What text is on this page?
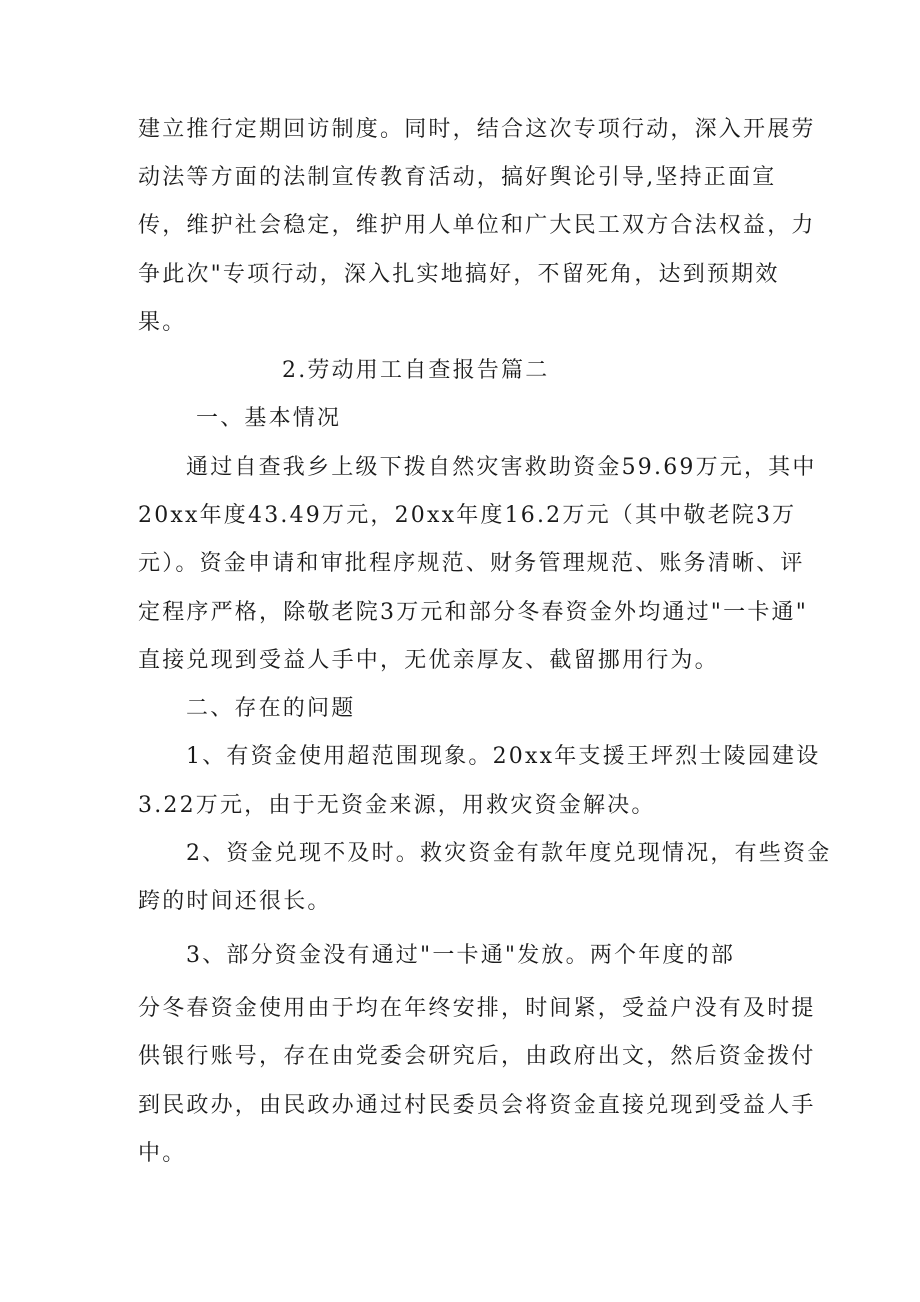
建立推行定期回访制度。同时，结合这次专项行动，深入开展劳
动法等方面的法制宣传教育活动，搞好舆论引导,坚持正面宣
传，维护社会稳定，维护用人单位和广大民工双方合法权益，力
争此次"专项行动，深入扎实地搞好，不留死角，达到预期效
果。
2.劳动用工自查报告篇二
一、基本情况
通过自查我乡上级下拨自然灾害救助资金59.69万元，其中
20xx年度43.49万元，20xx年度16.2万元（其中敬老院3万
元）。资金申请和审批程序规范、财务管理规范、账务清晰、评
定程序严格，除敬老院3万元和部分冬春资金外均通过"一卡通"
直接兑现到受益人手中，无优亲厚友、截留挪用行为。
二、存在的问题
1、有资金使用超范围现象。20xx年支援王坪烈士陵园建设
3.22万元，由于无资金来源，用救灾资金解决。
2、资金兑现不及时。救灾资金有款年度兑现情况，有些资金
跨的时间还很长。
3、部分资金没有通过"一卡通"发放。两个年度的部
分冬春资金使用由于均在年终安排，时间紧，受益户没有及时提
供银行账号，存在由党委会研究后，由政府出文，然后资金拨付
到民政办，由民政办通过村民委员会将资金直接兑现到受益人手
中。
